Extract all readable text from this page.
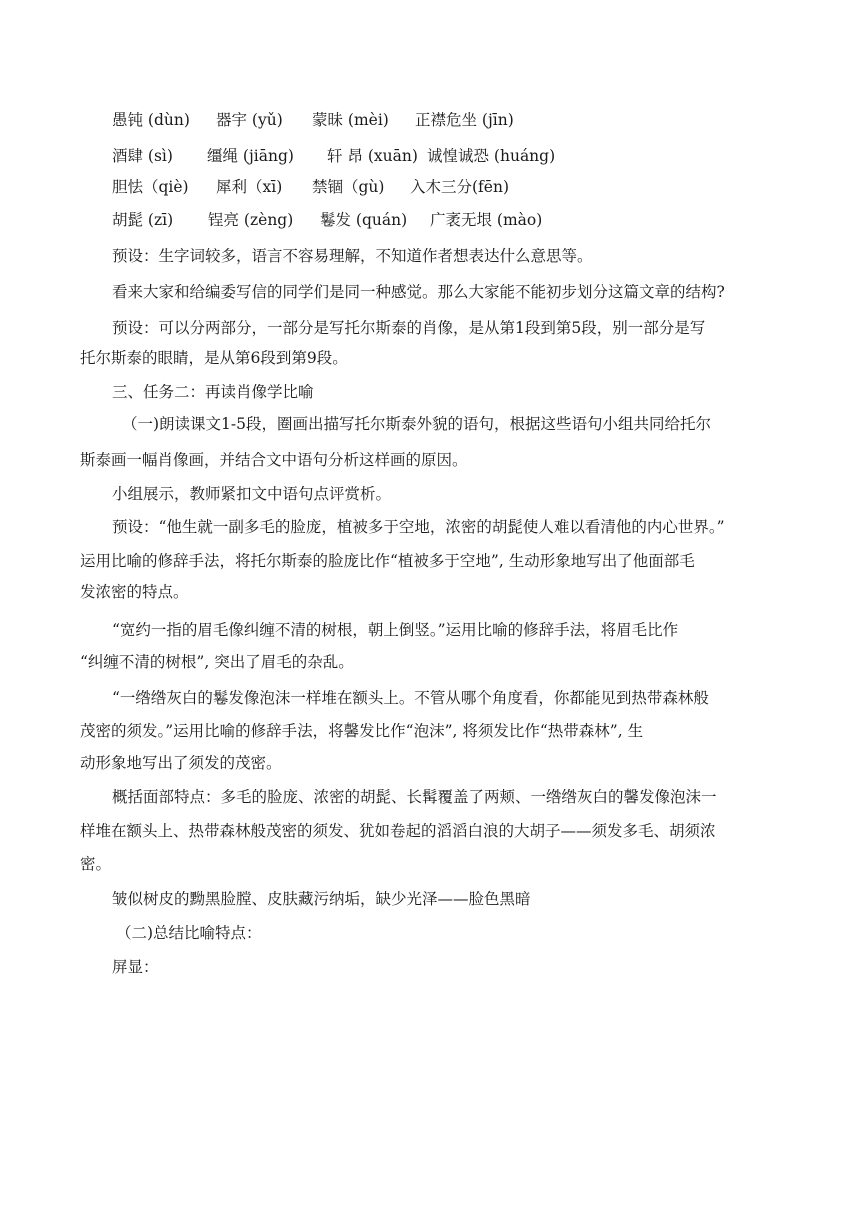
愚钝 (dùn) 器宇 (yǔ) 蒙昧 (mèi) 正襟危坐 (jīn)
酒肆 (sì) 缰绳 (jiāng) 轩 昂 (xuān) 诚惶诚恐 (huáng)
胆怯（qiè) 犀利（xī) 禁锢（gù) 入木三分(fēn)
胡髭 (zī) 锃亮 (zèng) 鬈发 (quán) 广袤无垠 (mào)
预设：生字词较多，语言不容易理解，不知道作者想表达什么意思等。
看来大家和给编委写信的同学们是同一种感觉。那么大家能不能初步划分这篇文章的结构?
预设：可以分两部分，一部分是写托尔斯泰的肖像，是从第1段到第5段，别一部分是写
托尔斯泰的眼睛，是从第6段到第9段。
三、任务二：再读肖像学比喻
（一)朗读课文1-5段，圈画出描写托尔斯泰外貌的语句，根据这些语句小组共同给托尔
斯泰画一幅肖像画，并结合文中语句分析这样画的原因。
小组展示，教师紧扣文中语句点评赏析。
预设：“他生就一副多毛的脸庞，植被多于空地，浓密的胡髭使人难以看清他的内心世界。”
运用比喻的修辞手法，将托尔斯泰的脸庞比作“植被多于空地”, 生动形象地写出了他面部毛
发浓密的特点。
“宽约一指的眉毛像纠缠不清的树根，朝上倒竖。”运用比喻的修辞手法，将眉毛比作
“纠缠不清的树根”, 突出了眉毛的杂乱。
“一绺绺灰白的鬈发像泡沫一样堆在额头上。不管从哪个角度看，你都能见到热带森林般
茂密的须发。”运用比喻的修辞手法，将馨发比作“泡沫”, 将须发比作“热带森林”, 生
动形象地写出了须发的茂密。
概括面部特点：多毛的脸庞、浓密的胡髭、长髯覆盖了两颊、一绺绺灰白的馨发像泡沫一
样堆在额头上、热带森林般茂密的须发、犹如卷起的滔滔白浪的大胡子——须发多毛、胡须浓
密。
皱似树皮的黝黑脸膛、皮肤藏污纳垢，缺少光泽——脸色黑暗
（二)总结比喻特点：
屏显：
